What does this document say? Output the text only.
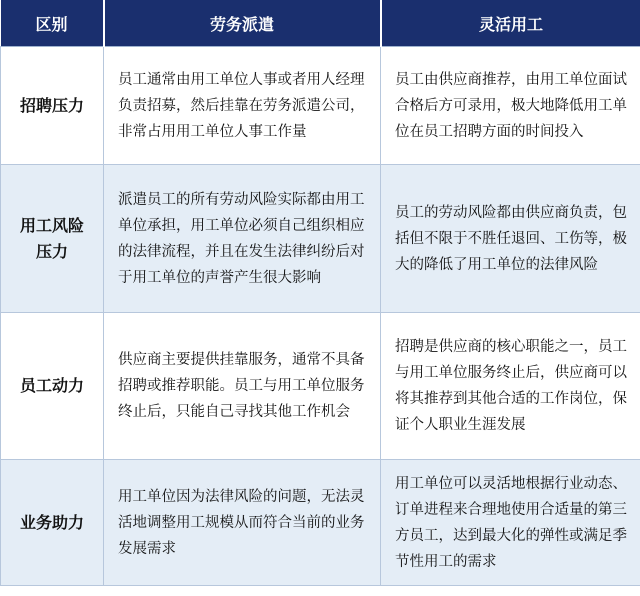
区别	劳务派遣	灵活用工
招聘压力	员工通常由用工单位人事或者用人经理负责招募，然后挂靠在劳务派遣公司，非常占用用工单位人事工作量	员工由供应商推荐，由用工单位面试合格后方可录用，极大地降低用工单位在员工招聘方面的时间投入

用工风险压力	派遣员工的所有劳动风险实际都由用工单位承担，用工单位必须自己组织相应的法律流程，并且在发生法律纠纷后对于用工单位的声誉产生很大影响	员工的劳动风险都由供应商负责，包括但不限于不胜任退回、工伤等，极大的降低了用工单位的法律风险

员工动力	供应商主要提供挂靠服务，通常不具备招聘或推荐职能。员工与用工单位服务终止后，只能自己寻找其他工作机会	招聘是供应商的核心职能之一，员工与用工单位服务终止后，供应商可以将其推荐到其他合适的工作岗位，保证个人职业生涯发展

业务助力	用工单位因为法律风险的问题，无法灵活地调整用工规模从而符合当前的业务发展需求	用工单位可以灵活地根据行业动态、订单进程来合理地使用合适量的第三方员工，达到最大化的弹性或满足季节性用工的需求
